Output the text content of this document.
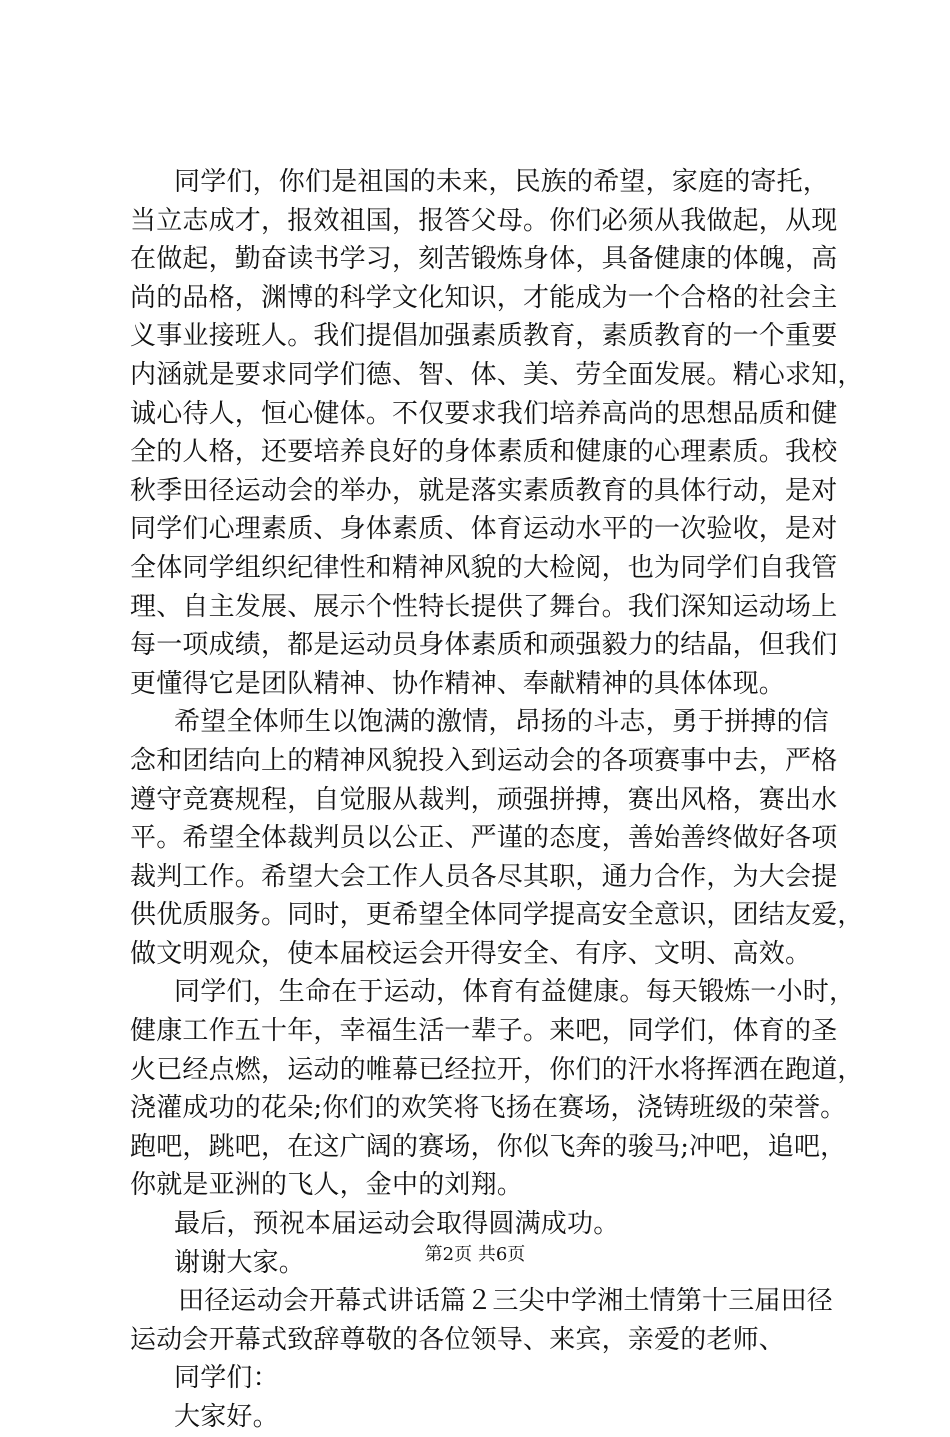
同学们，你们是祖国的未来，民族的希望，家庭的寄托，
当立志成才，报效祖国，报答父母。你们必须从我做起，从现
在做起，勤奋读书学习，刻苦锻炼身体，具备健康的体魄，高
尚的品格，渊博的科学文化知识，才能成为一个合格的社会主
义事业接班人。我们提倡加强素质教育，素质教育的一个重要
内涵就是要求同学们德、智、体、美、劳全面发展。精心求知，
诚心待人，恒心健体。不仅要求我们培养高尚的思想品质和健
全的人格，还要培养良好的身体素质和健康的心理素质。我校
秋季田径运动会的举办，就是落实素质教育的具体行动，是对
同学们心理素质、身体素质、体育运动水平的一次验收，是对
全体同学组织纪律性和精神风貌的大检阅，也为同学们自我管
理、自主发展、展示个性特长提供了舞台。我们深知运动场上
每一项成绩，都是运动员身体素质和顽强毅力的结晶，但我们
更懂得它是团队精神、协作精神、奉献精神的具体体现。
希望全体师生以饱满的激情，昂扬的斗志，勇于拼搏的信
念和团结向上的精神风貌投入到运动会的各项赛事中去，严格
遵守竞赛规程，自觉服从裁判，顽强拼搏，赛出风格，赛出水
平。希望全体裁判员以公正、严谨的态度，善始善终做好各项
裁判工作。希望大会工作人员各尽其职，通力合作，为大会提
供优质服务。同时，更希望全体同学提高安全意识，团结友爱，
做文明观众，使本届校运会开得安全、有序、文明、高效。
同学们，生命在于运动，体育有益健康。每天锻炼一小时，
健康工作五十年，幸福生活一辈子。来吧，同学们，体育的圣
火已经点燃，运动的帷幕已经拉开，你们的汗水将挥洒在跑道，
浇灌成功的花朵;你们的欢笑将飞扬在赛场，浇铸班级的荣誉。
跑吧，跳吧，在这广阔的赛场，你似飞奔的骏马;冲吧，追吧，
你就是亚洲的飞人，金中的刘翔。
最后，预祝本届运动会取得圆满成功。
谢谢大家。
田径运动会开幕式讲话篇２三尖中学湘土情第十三届田径
运动会开幕式致辞尊敬的各位领导、来宾，亲爱的老师、
同学们：
大家好。
第2页 共6页
